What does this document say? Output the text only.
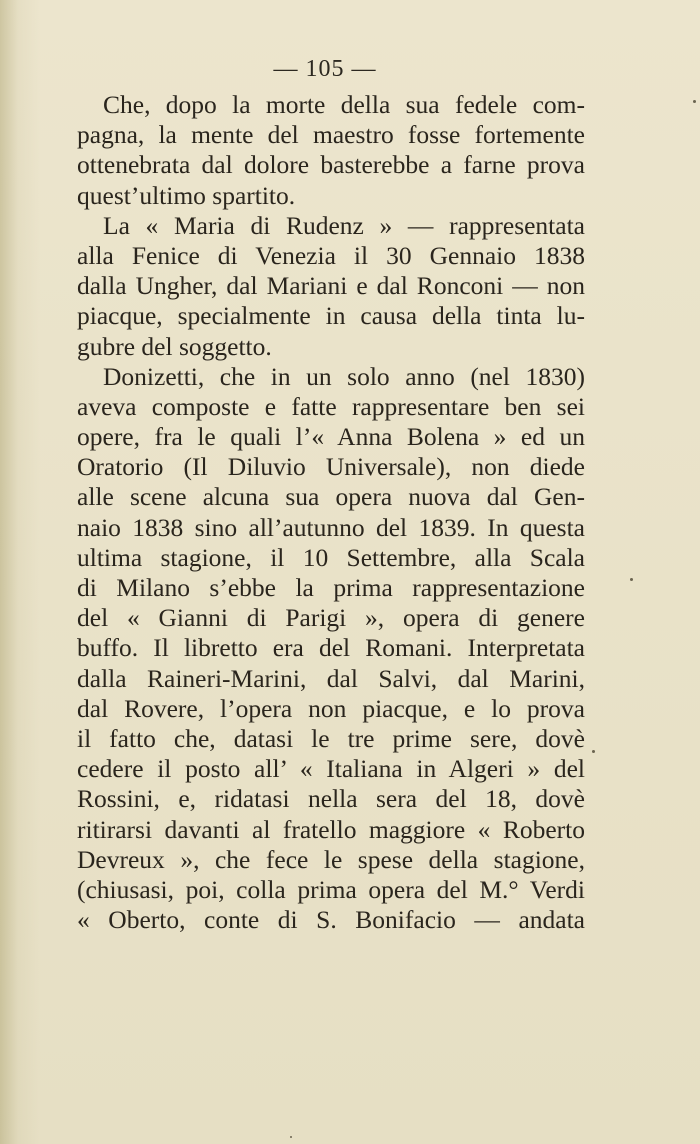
— 105 —
Che, dopo la morte della sua fedele com-
pagna, la mente del maestro fosse fortemente
ottenebrata dal dolore basterebbe a farne prova
quest’ultimo spartito.
La « Maria di Rudenz » — rappresentata
alla Fenice di Venezia il 30 Gennaio 1838
dalla Ungher, dal Mariani e dal Ronconi — non
piacque, specialmente in causa della tinta lu-
gubre del soggetto.
Donizetti, che in un solo anno (nel 1830)
aveva composte e fatte rappresentare ben sei
opere, fra le quali l’« Anna Bolena » ed un
Oratorio (Il Diluvio Universale), non diede
alle scene alcuna sua opera nuova dal Gen-
naio 1838 sino all’autunno del 1839. In questa
ultima stagione, il 10 Settembre, alla Scala
di Milano s’ebbe la prima rappresentazione
del « Gianni di Parigi », opera di genere
buffo. Il libretto era del Romani. Interpretata
dalla Raineri-Marini, dal Salvi, dal Marini,
dal Rovere, l’opera non piacque, e lo prova
il fatto che, datasi le tre prime sere, dovè
cedere il posto all’ « Italiana in Algeri » del
Rossini, e, ridatasi nella sera del 18, dovè
ritirarsi davanti al fratello maggiore « Roberto
Devreux », che fece le spese della stagione,
(chiusasi, poi, colla prima opera del M.° Verdi
« Oberto, conte di S. Bonifacio — andata
